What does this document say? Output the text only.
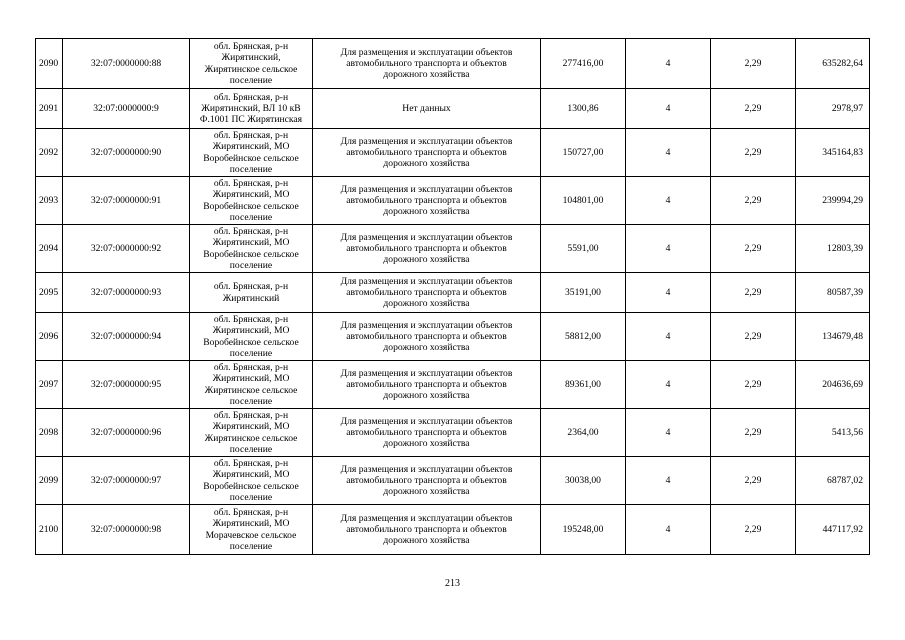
2090	32:07:0000000:88	обл. Брянская, р-н
Жирятинский,
Жирятинское сельское
поселение	Для размещения и эксплуатации объектов
автомобильного транспорта и объектов
дорожного хозяйства	277416,00	4	2,29	635282,64
2091	32:07:0000000:9	обл. Брянская, р-н
Жирятинский, ВЛ 10 кВ
Ф.1001 ПС Жирятинская	Нет данных	1300,86	4	2,29	2978,97
2092	32:07:0000000:90	обл. Брянская, р-н
Жирятинский, МО
Воробейнское сельское
поселение	Для размещения и эксплуатации объектов
автомобильного транспорта и объектов
дорожного хозяйства	150727,00	4	2,29	345164,83
2093	32:07:0000000:91	обл. Брянская, р-н
Жирятинский, МО
Воробейнское сельское
поселение	Для размещения и эксплуатации объектов
автомобильного транспорта и объектов
дорожного хозяйства	104801,00	4	2,29	239994,29
2094	32:07:0000000:92	обл. Брянская, р-н
Жирятинский, МО
Воробейнское сельское
поселение	Для размещения и эксплуатации объектов
автомобильного транспорта и объектов
дорожного хозяйства	5591,00	4	2,29	12803,39
2095	32:07:0000000:93	обл. Брянская, р-н
Жирятинский	Для размещения и эксплуатации объектов
автомобильного транспорта и объектов
дорожного хозяйства	35191,00	4	2,29	80587,39
2096	32:07:0000000:94	обл. Брянская, р-н
Жирятинский, МО
Воробейнское сельское
поселение	Для размещения и эксплуатации объектов
автомобильного транспорта и объектов
дорожного хозяйства	58812,00	4	2,29	134679,48
2097	32:07:0000000:95	обл. Брянская, р-н
Жирятинский, МО
Жирятинское сельское
поселение	Для размещения и эксплуатации объектов
автомобильного транспорта и объектов
дорожного хозяйства	89361,00	4	2,29	204636,69
2098	32:07:0000000:96	обл. Брянская, р-н
Жирятинский, МО
Жирятинское сельское
поселение	Для размещения и эксплуатации объектов
автомобильного транспорта и объектов
дорожного хозяйства	2364,00	4	2,29	5413,56
2099	32:07:0000000:97	обл. Брянская, р-н
Жирятинский, МО
Воробейнское сельское
поселение	Для размещения и эксплуатации объектов
автомобильного транспорта и объектов
дорожного хозяйства	30038,00	4	2,29	68787,02
2100	32:07:0000000:98	обл. Брянская, р-н
Жирятинский, МО
Морачевское сельское
поселение	Для размещения и эксплуатации объектов
автомобильного транспорта и объектов
дорожного хозяйства	195248,00	4	2,29	447117,92
213
